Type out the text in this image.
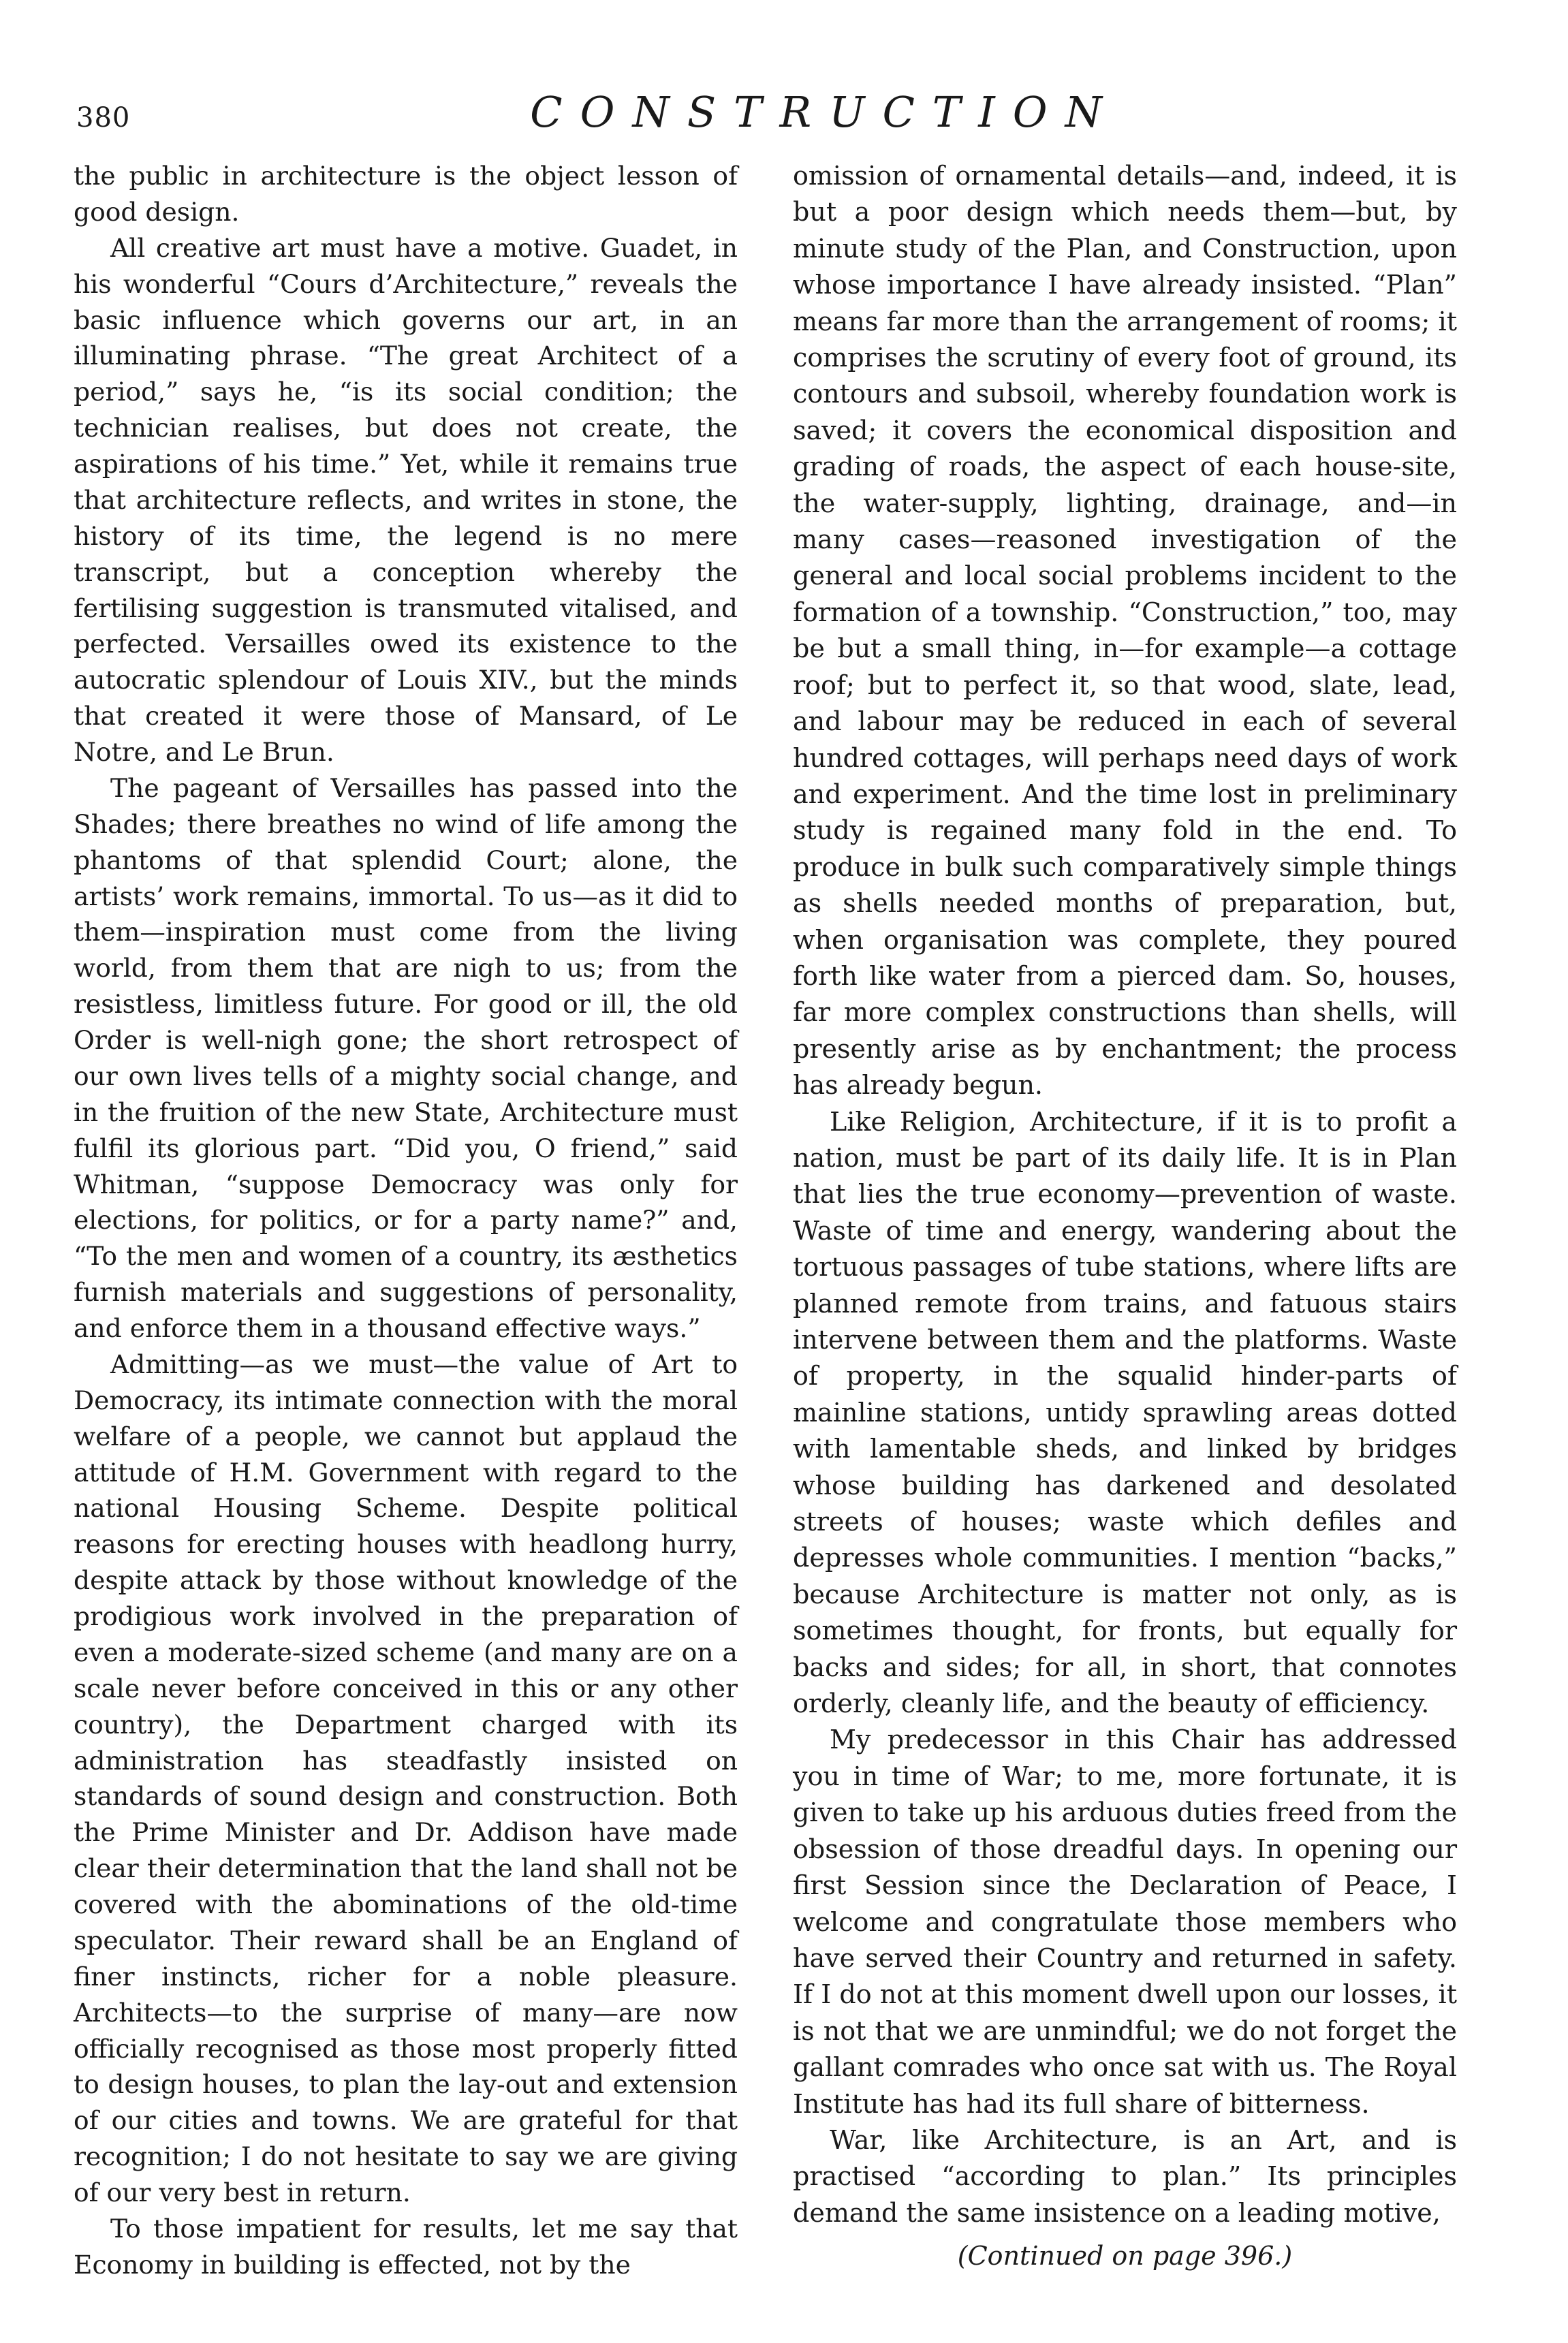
380	CONSTRUCTION

the public in architecture is the object lesson of good design.

All creative art must have a motive. Guadet, in his wonderful “Cours d’Architecture,” reveals the basic influence which governs our art, in an illuminating phrase. “The great Architect of a period,” says he, “is its social condition; the technician realises, but does not create, the aspirations of his time.” Yet, while it remains true that architecture reflects, and writes in stone, the history of its time, the legend is no mere transcript, but a conception whereby the fertilising suggestion is transmuted vitalised, and perfected. Versailles owed its existence to the autocratic splendour of Louis XIV., but the minds that created it were those of Mansard, of Le Notre, and Le Brun.

The pageant of Versailles has passed into the Shades; there breathes no wind of life among the phantoms of that splendid Court; alone, the artists’ work remains, immortal. To us—as it did to them—inspiration must come from the living world, from them that are nigh to us; from the resistless, limitless future. For good or ill, the old Order is well-nigh gone; the short retrospect of our own lives tells of a mighty social change, and in the fruition of the new State, Architecture must fulfil its glorious part. “Did you, O friend,” said Whitman, “suppose Democracy was only for elections, for politics, or for a party name?” and, “To the men and women of a country, its æsthetics furnish materials and suggestions of personality, and enforce them in a thousand effective ways.”

Admitting—as we must—the value of Art to Democracy, its intimate connection with the moral welfare of a people, we cannot but applaud the attitude of H.M. Government with regard to the national Housing Scheme. Despite political reasons for erecting houses with headlong hurry, despite attack by those without knowledge of the prodigious work involved in the preparation of even a moderate-sized scheme (and many are on a scale never before conceived in this or any other country), the Department charged with its administration has steadfastly insisted on standards of sound design and construction. Both the Prime Minister and Dr. Addison have made clear their determination that the land shall not be covered with the abominations of the old-time speculator. Their reward shall be an England of finer instincts, richer for a noble pleasure. Architects—to the surprise of many—are now officially recognised as those most properly fitted to design houses, to plan the lay-out and extension of our cities and towns. We are grateful for that recognition; I do not hesitate to say we are giving of our very best in return.

To those impatient for results, let me say that Economy in building is effected, not by the

omission of ornamental details—and, indeed, it is but a poor design which needs them—but, by minute study of the Plan, and Construction, upon whose importance I have already insisted. “Plan” means far more than the arrangement of rooms; it comprises the scrutiny of every foot of ground, its contours and subsoil, whereby foundation work is saved; it covers the economical disposition and grading of roads, the aspect of each house-site, the water-supply, lighting, drainage, and—in many cases—reasoned investigation of the general and local social problems incident to the formation of a township. “Construction,” too, may be but a small thing, in—for example—a cottage roof; but to perfect it, so that wood, slate, lead, and labour may be reduced in each of several hundred cottages, will perhaps need days of work and experiment. And the time lost in preliminary study is regained many fold in the end. To produce in bulk such comparatively simple things as shells needed months of preparation, but, when organisation was complete, they poured forth like water from a pierced dam. So, houses, far more complex constructions than shells, will presently arise as by enchantment; the process has already begun.

Like Religion, Architecture, if it is to profit a nation, must be part of its daily life. It is in Plan that lies the true economy—prevention of waste. Waste of time and energy, wandering about the tortuous passages of tube stations, where lifts are planned remote from trains, and fatuous stairs intervene between them and the platforms. Waste of property, in the squalid hinder-parts of mainline stations, untidy sprawling areas dotted with lamentable sheds, and linked by bridges whose building has darkened and desolated streets of houses; waste which defiles and depresses whole communities. I mention “backs,” because Architecture is matter not only, as is sometimes thought, for fronts, but equally for backs and sides; for all, in short, that connotes orderly, cleanly life, and the beauty of efficiency.

My predecessor in this Chair has addressed you in time of War; to me, more fortunate, it is given to take up his arduous duties freed from the obsession of those dreadful days. In opening our first Session since the Declaration of Peace, I welcome and congratulate those members who have served their Country and returned in safety. If I do not at this moment dwell upon our losses, it is not that we are unmindful; we do not forget the gallant comrades who once sat with us. The Royal Institute has had its full share of bitterness.

War, like Architecture, is an Art, and is practised “according to plan.” Its principles demand the same insistence on a leading motive,

(Continued on page 396.)
